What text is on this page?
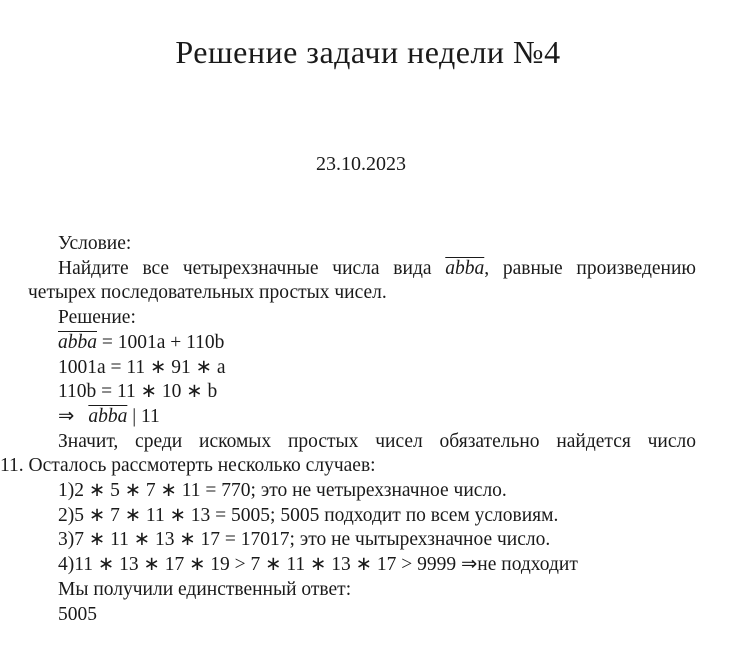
Решение задачи недели №4
23.10.2023
Условие:
Найдите все четырехзначные числа вида abba, равные произведению
четырех последовательных простых чисел.
Решение:
abba = 1001a + 110b
1001a = 11 ∗ 91 ∗ a
110b = 11 ∗ 10 ∗ b
⇒ abba | 11
Значит, среди искомых простых чисел обязательно найдется число
11. Осталось рассмотерть несколько случаев:
1)2 ∗ 5 ∗ 7 ∗ 11 = 770; это не четырехзначное число.
2)5 ∗ 7 ∗ 11 ∗ 13 = 5005; 5005 подходит по всем условиям.
3)7 ∗ 11 ∗ 13 ∗ 17 = 17017; это не чытырехзначное число.
4)11 ∗ 13 ∗ 17 ∗ 19 > 7 ∗ 11 ∗ 13 ∗ 17 > 9999 ⇒не подходит
Мы получили единственный ответ:
5005
